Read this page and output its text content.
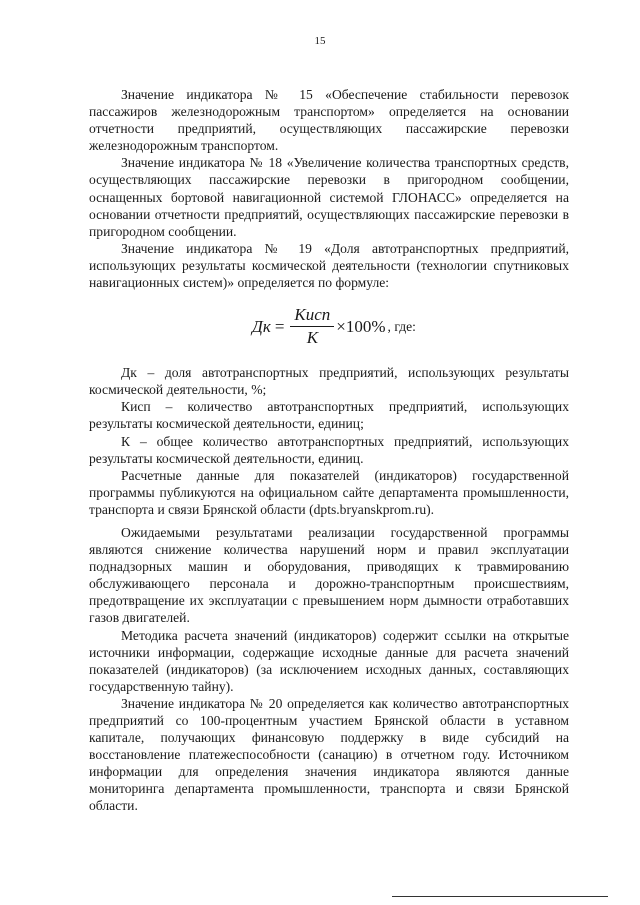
15

Значение индикатора № 15 «Обеспечение стабильности перевозок пассажиров железнодорожным транспортом» определяется на основании отчетности предприятий, осуществляющих пассажирские перевозки железнодорожным транспортом.

Значение индикатора № 18 «Увеличение количества транспортных средств, осуществляющих пассажирские перевозки в пригородном сообщении, оснащенных бортовой навигационной системой ГЛОНАСС» определяется на основании отчетности предприятий, осуществляющих пассажирские перевозки в пригородном сообщении.

Значение индикатора № 19 «Доля автотранспортных предприятий, использующих результаты космической деятельности (технологии спутниковых навигационных систем)» определяется по формуле:

Дк = $\frac{\text{Кисп}}{К} \times 100\%$ , где:

Дк – доля автотранспортных предприятий, использующих результаты космической деятельности, %;

Кисп – количество автотранспортных предприятий, использующих результаты космической деятельности, единиц;

К – общее количество автотранспортных предприятий, использующих результаты космической деятельности, единиц.

Расчетные данные для показателей (индикаторов) государственной программы публикуются на официальном сайте департамента промышленности, транспорта и связи Брянской области (dpts.bryanskprom.ru).

Ожидаемыми результатами реализации государственной программы являются снижение количества нарушений норм и правил эксплуатации поднадзорных машин и оборудования, приводящих к травмированию обслуживающего персонала и дорожно-транспортным происшествиям, предотвращение их эксплуатации с превышением норм дымности отработавших газов двигателей.

Методика расчета значений (индикаторов) содержит ссылки на открытые источники информации, содержащие исходные данные для расчета значений показателей (индикаторов) (за исключением исходных данных, составляющих государственную тайну).

Значение индикатора № 20 определяется как количество автотранспортных предприятий со 100-процентным участием Брянской области в уставном капитале, получающих финансовую поддержку в виде субсидий на восстановление платежеспособности (санацию) в отчетном году. Источником информации для определения значения индикатора являются данные мониторинга департамента промышленности, транспорта и связи Брянской области.
